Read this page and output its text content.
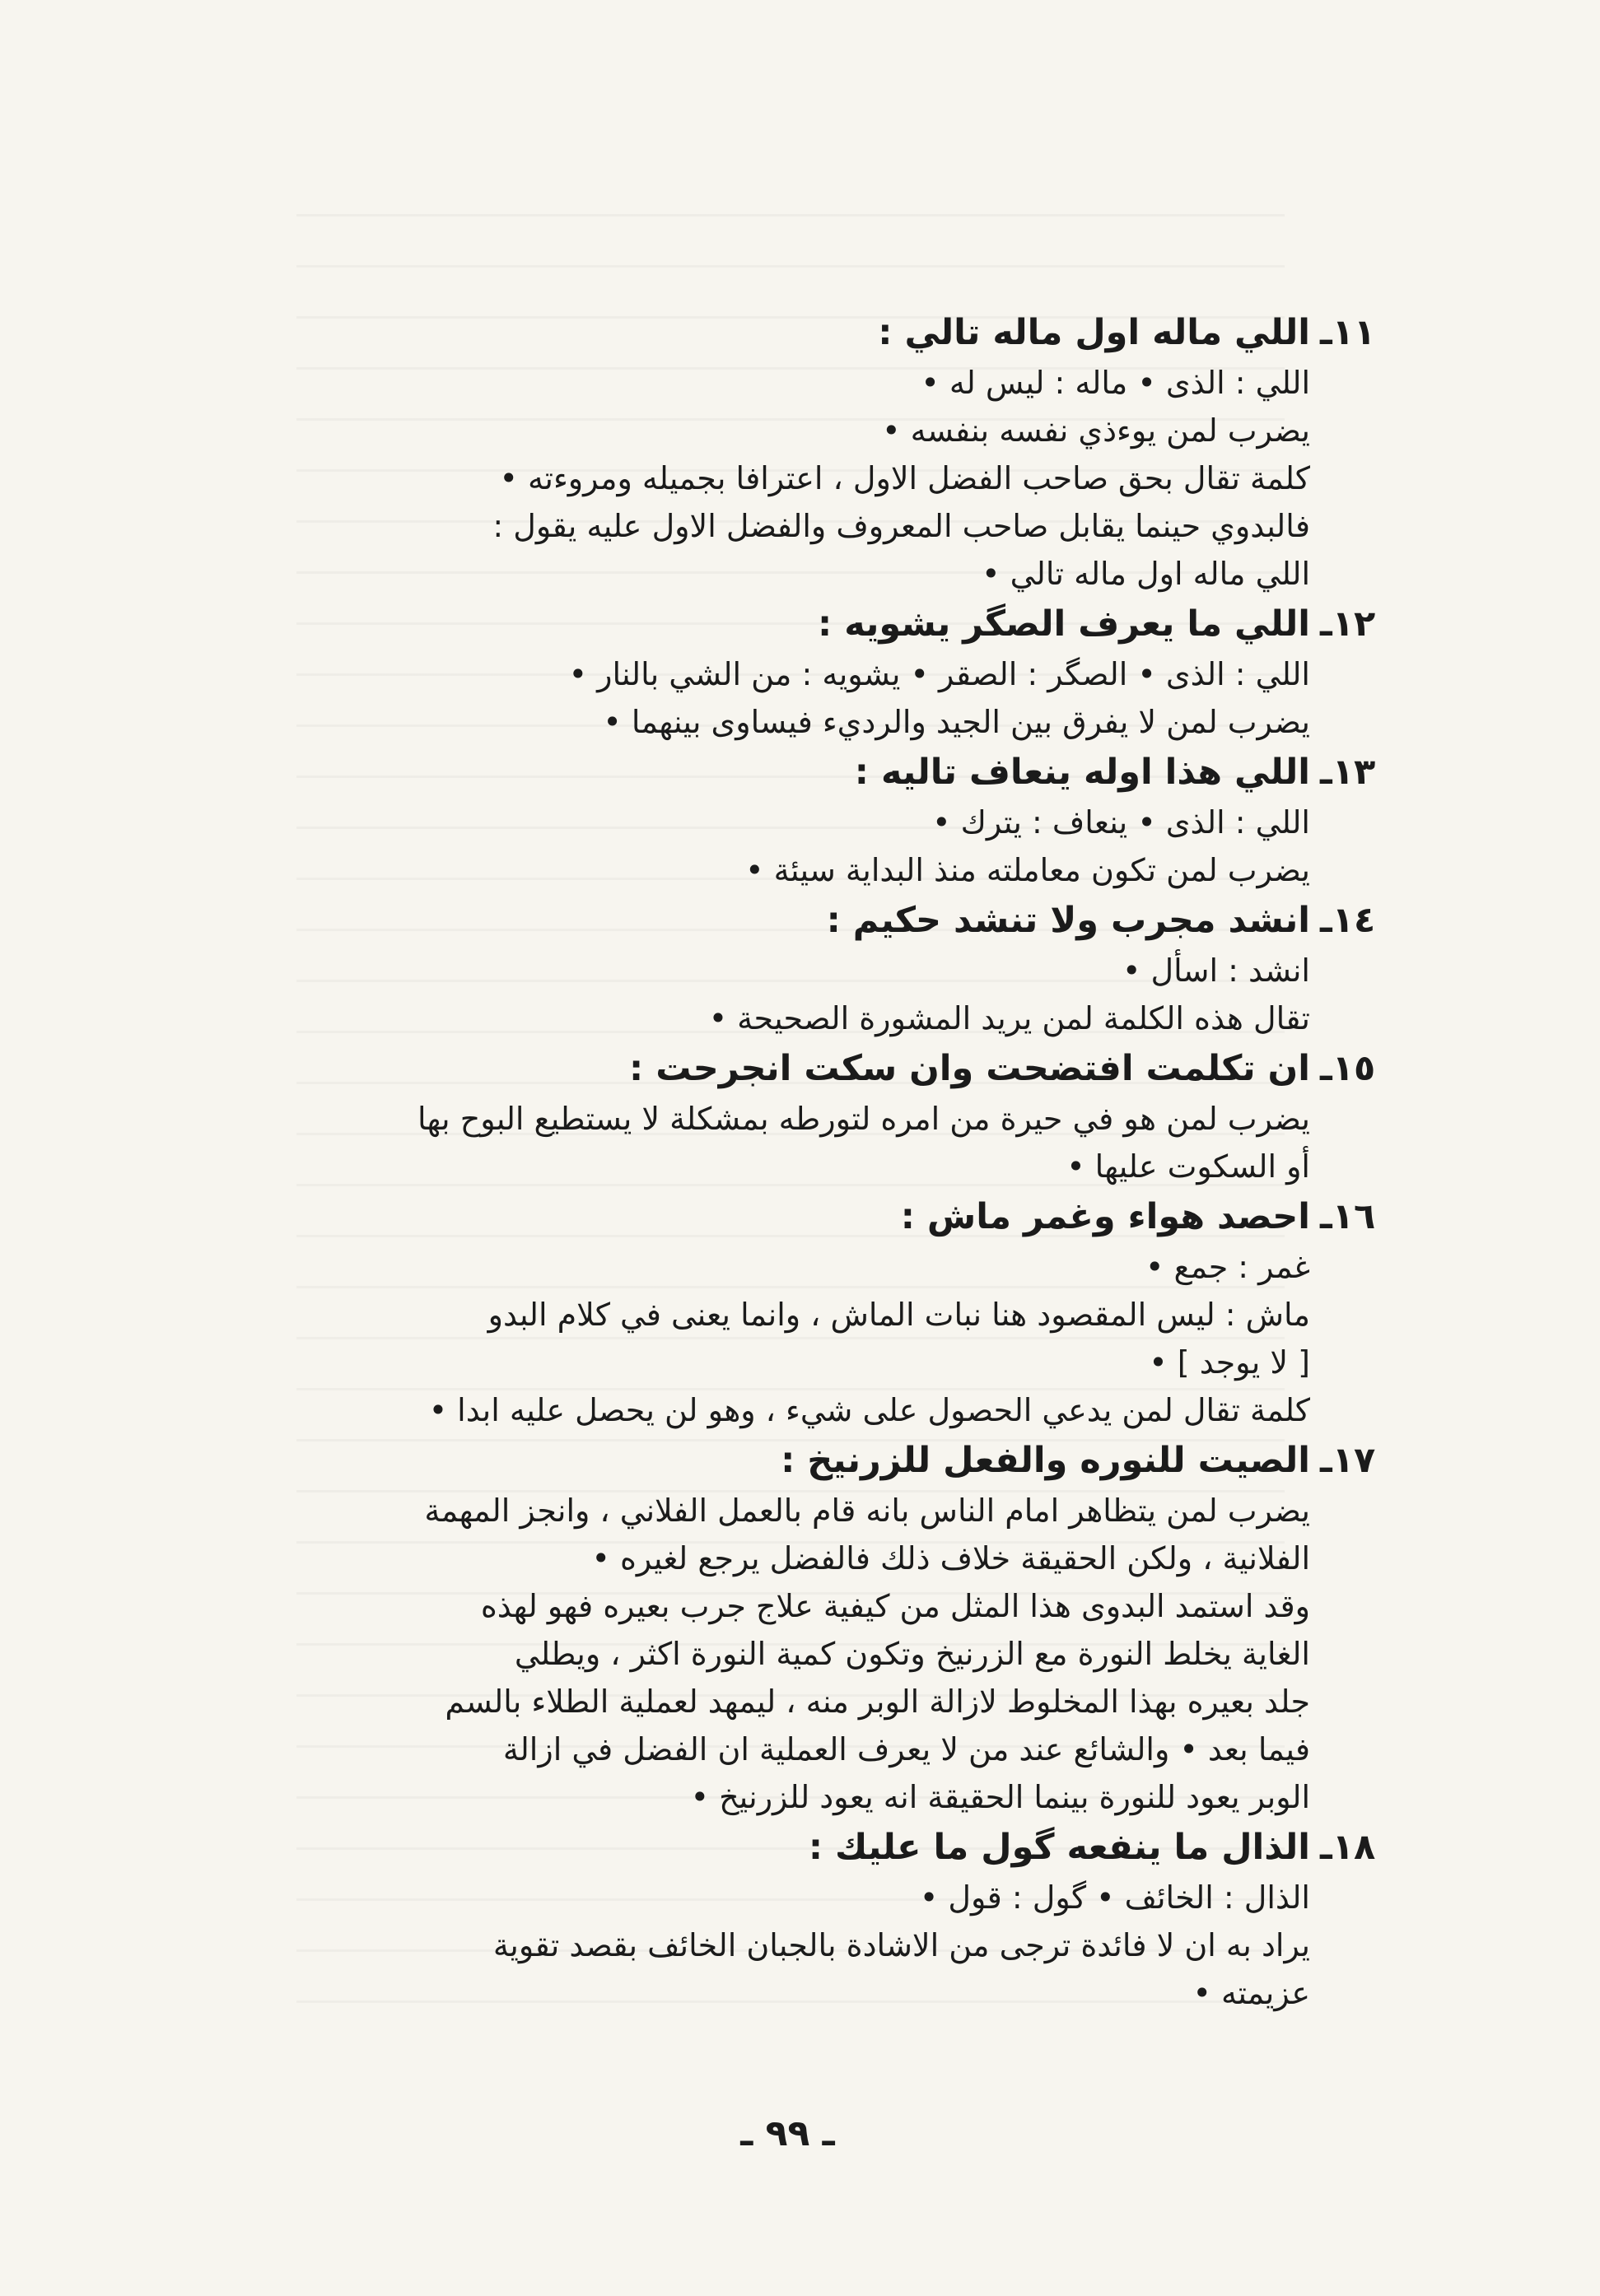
١١ـ
اللي ماله اول ماله تالي :
اللي : الذى • ماله : ليس له •
يضرب لمن يوءذي نفسه بنفسه •
كلمة تقال بحق صاحب الفضل الاول ، اعترافا بجميله ومروءته •
فالبدوي حينما يقابل صاحب المعروف والفضل الاول عليه يقول :
اللي ماله اول ماله تالي •
١٢ـ
اللي ما يعرف الصگر يشويه :
اللي : الذى • الصگر : الصقر • يشويه : من الشي بالنار •
يضرب لمن لا يفرق بين الجيد والرديء فيساوى بينهما •
١٣ـ
اللي هذا اوله ينعاف تاليه :
اللي : الذى • ينعاف : يترك •
يضرب لمن تكون معاملته منذ البداية سيئة •
١٤ـ
انشد مجرب ولا تنشد حكيم :
انشد : اسأل •
تقال هذه الكلمة لمن يريد المشورة الصحيحة •
١٥ـ
ان تكلمت افتضحت وان سكت انجرحت :
يضرب لمن هو في حيرة من امره لتورطه بمشكلة لا يستطيع البوح بها
أو السكوت عليها •
١٦ـ
احصد هواء وغمر ماش :
غمر : جمع •
ماش : ليس المقصود هنا نبات الماش ، وانما يعنى في كلام البدو
[ لا يوجد ] •
كلمة تقال لمن يدعي الحصول على شيء ، وهو لن يحصل عليه ابدا •
١٧ـ
الصيت للنوره والفعل للزرنيخ :
يضرب لمن يتظاهر امام الناس بانه قام بالعمل الفلاني ، وانجز المهمة
الفلانية ، ولكن الحقيقة خلاف ذلك فالفضل يرجع لغيره •
وقد استمد البدوى هذا المثل من كيفية علاج جرب بعيره فهو لهذه
الغاية يخلط النورة مع الزرنيخ وتكون كمية النورة اكثر ، ويطلي
جلد بعيره بهذا المخلوط لازالة الوبر منه ، ليمهد لعملية الطلاء بالسم
فيما بعد • والشائع عند من لا يعرف العملية ان الفضل في ازالة
الوبر يعود للنورة بينما الحقيقة انه يعود للزرنيخ •
١٨ـ
الذال ما ينفعه گول ما عليك :
الذال : الخائف • گول : قول •
يراد به ان لا فائدة ترجى من الاشادة بالجبان الخائف بقصد تقوية
عزيمته •
ـ ٩٩ ـ
